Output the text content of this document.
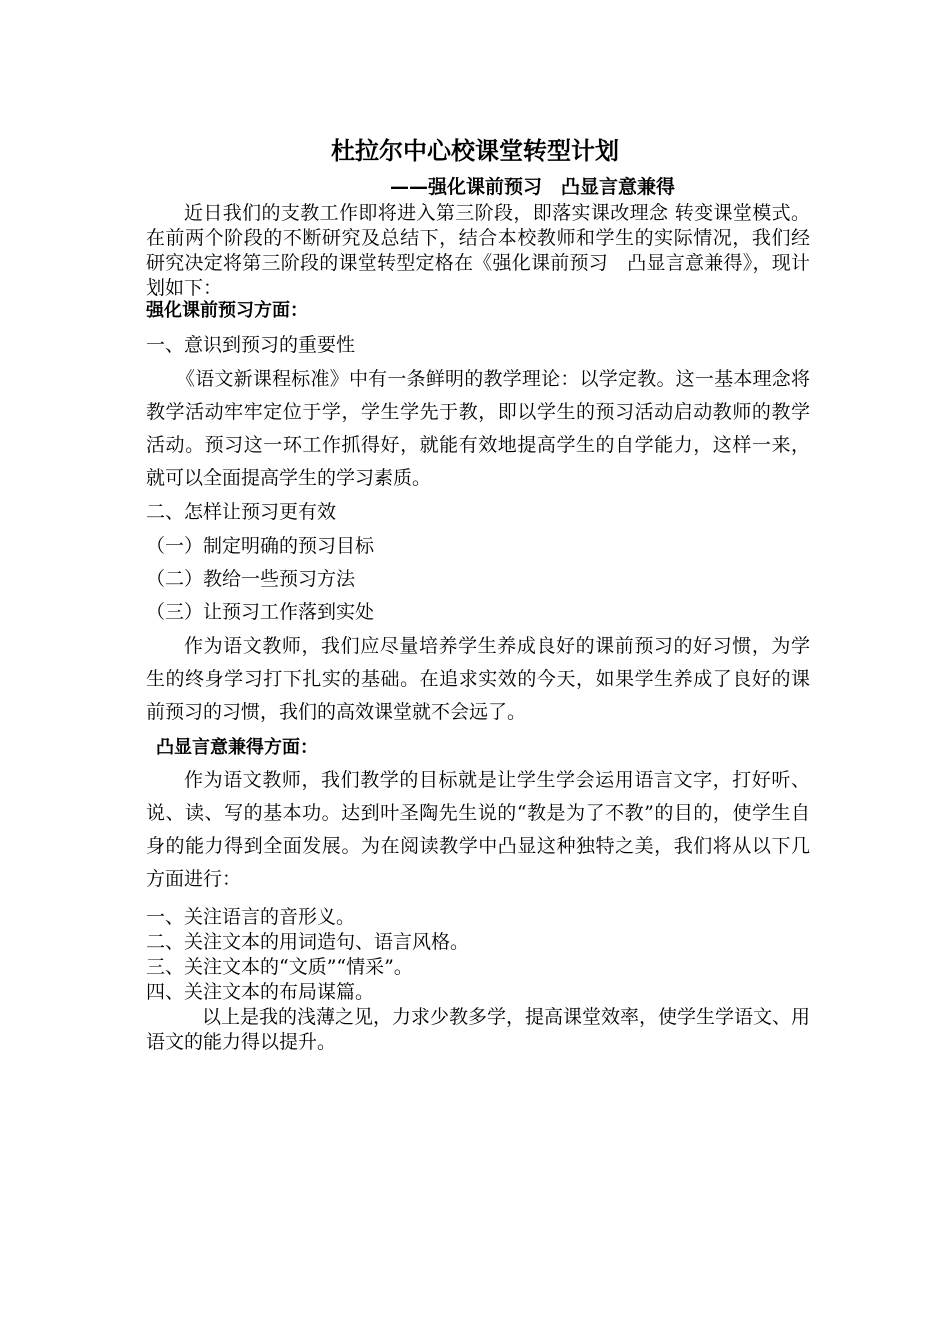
杜拉尔中心校课堂转型计划
——强化课前预习　凸显言意兼得

近日我们的支教工作即将进入第三阶段，即落实课改理念 转变课堂模式。在前两个阶段的不断研究及总结下，结合本校教师和学生的实际情况，我们经研究决定将第三阶段的课堂转型定格在《强化课前预习　凸显言意兼得》，现计划如下：

强化课前预习方面：
一、意识到预习的重要性

《语文新课程标准》中有一条鲜明的教学理论：以学定教。这一基本理念将教学活动牢牢定位于学，学生学先于教，即以学生的预习活动启动教师的教学活动。预习这一环工作抓得好，就能有效地提高学生的自学能力，这样一来，就可以全面提高学生的学习素质。

二、怎样让预习更有效
（一）制定明确的预习目标
（二）教给一些预习方法
（三）让预习工作落到实处

作为语文教师，我们应尽量培养学生养成良好的课前预习的好习惯，为学生的终身学习打下扎实的基础。在追求实效的今天，如果学生养成了良好的课前预习的习惯，我们的高效课堂就不会远了。

凸显言意兼得方面：

作为语文教师，我们教学的目标就是让学生学会运用语言文字，打好听、说、读、写的基本功。达到叶圣陶先生说的“教是为了不教”的目的，使学生自身的能力得到全面发展。为在阅读教学中凸显这种独特之美，我们将从以下几方面进行：

一、关注语言的音形义。
二、关注文本的用词造句、语言风格。
三、关注文本的“文质”“情采”。
四、关注文本的布局谋篇。

以上是我的浅薄之见，力求少教多学，提高课堂效率，使学生学语文、用语文的能力得以提升。
